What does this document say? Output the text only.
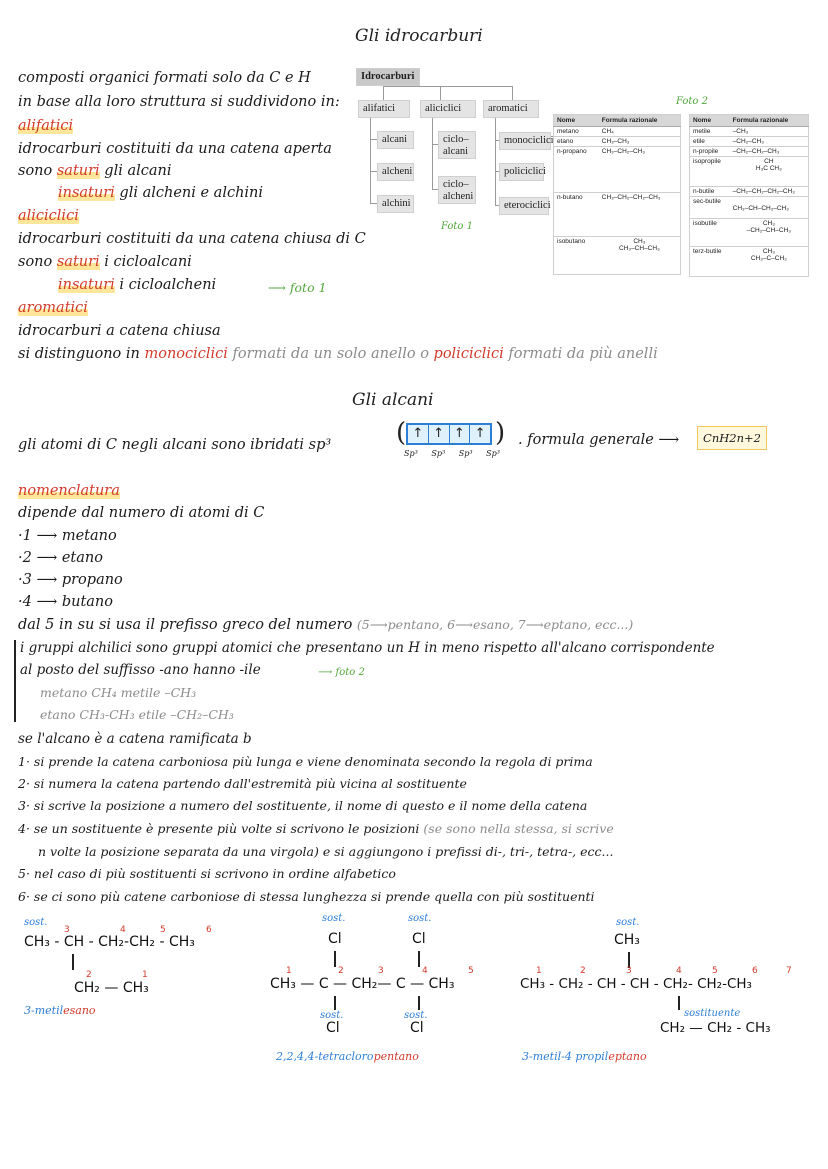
Gli idrocarburi
composti organici formati solo da C e H
in base alla loro struttura si suddividono in:
alifatici
idrocarburi costituiti da una catena aperta
sono saturi gli alcani
insaturi gli alcheni e alchini
aliciclici
idrocarburi costituiti da una catena chiusa di C
sono saturi i cicloalcani
insaturi i cicloalcheni	⟶ foto 1
aromatici
idrocarburi a catena chiusa
si distinguono in monociclici formati da un solo anello o policiclici formati da più anelli
Idrocarburi
alifatici	aliciclici	aromatici
alcani
alcheni
alchini
ciclo–
alcani
ciclo–
alcheni
monociclici
policiclici
eterociclici
Foto 1
Foto 2
Nome	Formula razionale
metano	CH₄
etano	CH₃–CH₃
n-propano	CH₃–CH₂–CH₃
n-butano	CH₃–CH₂–CH₂–CH₃
isobutano	CH₃
CH₃–CH–CH₃
Nome	Formula razionale
metile	–CH₃
etile	–CH₂–CH₃
n-propile	–CH₂–CH₂–CH₃
isopropile	CH
H₃C CH₃
n-butile	–CH₂–CH₂–CH₂–CH₃
sec-butile	CH₃–CH–CH₂–CH₃
isobutile	CH₃
–CH₂–CH–CH₃
terz-butile	CH₃
CH₃–C–CH₃
Gli alcani
gli atomi di C negli alcani sono ibridati sp³ ( ↑ ↑ ↑ ↑ )
Sp³ Sp³ Sp³ Sp³
. formula generale ⟶	CnH2n+2
nomenclatura
dipende dal numero di atomi di C
·1 ⟶ metano
·2 ⟶ etano
·3 ⟶ propano
·4 ⟶ butano
dal 5 in su si usa il prefisso greco del numero (5⟶pentano, 6⟶esano, 7⟶eptano, ecc...)
i gruppi alchilici sono gruppi atomici che presentano un H in meno rispetto all'alcano corrispondente
al posto del suffisso -ano hanno -ile	⟶ foto 2
metano CH₄ metile –CH₃
etano CH₃-CH₃ etile –CH₂–CH₃
se l'alcano è a catena ramificata b
1· si prende la catena carboniosa più lunga e viene denominata secondo la regola di prima
2· si numera la catena partendo dall'estremità più vicina al sostituente
3· si scrive la posizione a numero del sostituente, il nome di questo e il nome della catena
4· se un sostituente è presente più volte si scrivono le posizioni (se sono nella stessa, si scrive
n volte la posizione separata da una virgola) e si aggiungono i prefissi di-, tri-, tetra-, ecc...
5· nel caso di più sostituenti si scrivono in ordine alfabetico
6· se ci sono più catene carboniose di stessa lunghezza si prende quella con più sostituenti
sost.
3	4	5	6
CH₃ - CH - CH₂-CH₂ - CH₃
2	1
CH₂ — CH₃
3-metilesano
sost.	sost.
Cl	Cl
1	2	3	4	5
CH₃ — C — CH₂— C — CH₃
sost.	sost.
Cl	Cl
2,2,4,4-tetracloropentano
sost.
CH₃
1	2	3	4	5	6	7
CH₃ - CH₂ - CH - CH - CH₂- CH₂-CH₃
sostituente
CH₂ — CH₂ - CH₃
3-metil-4 propileptano
